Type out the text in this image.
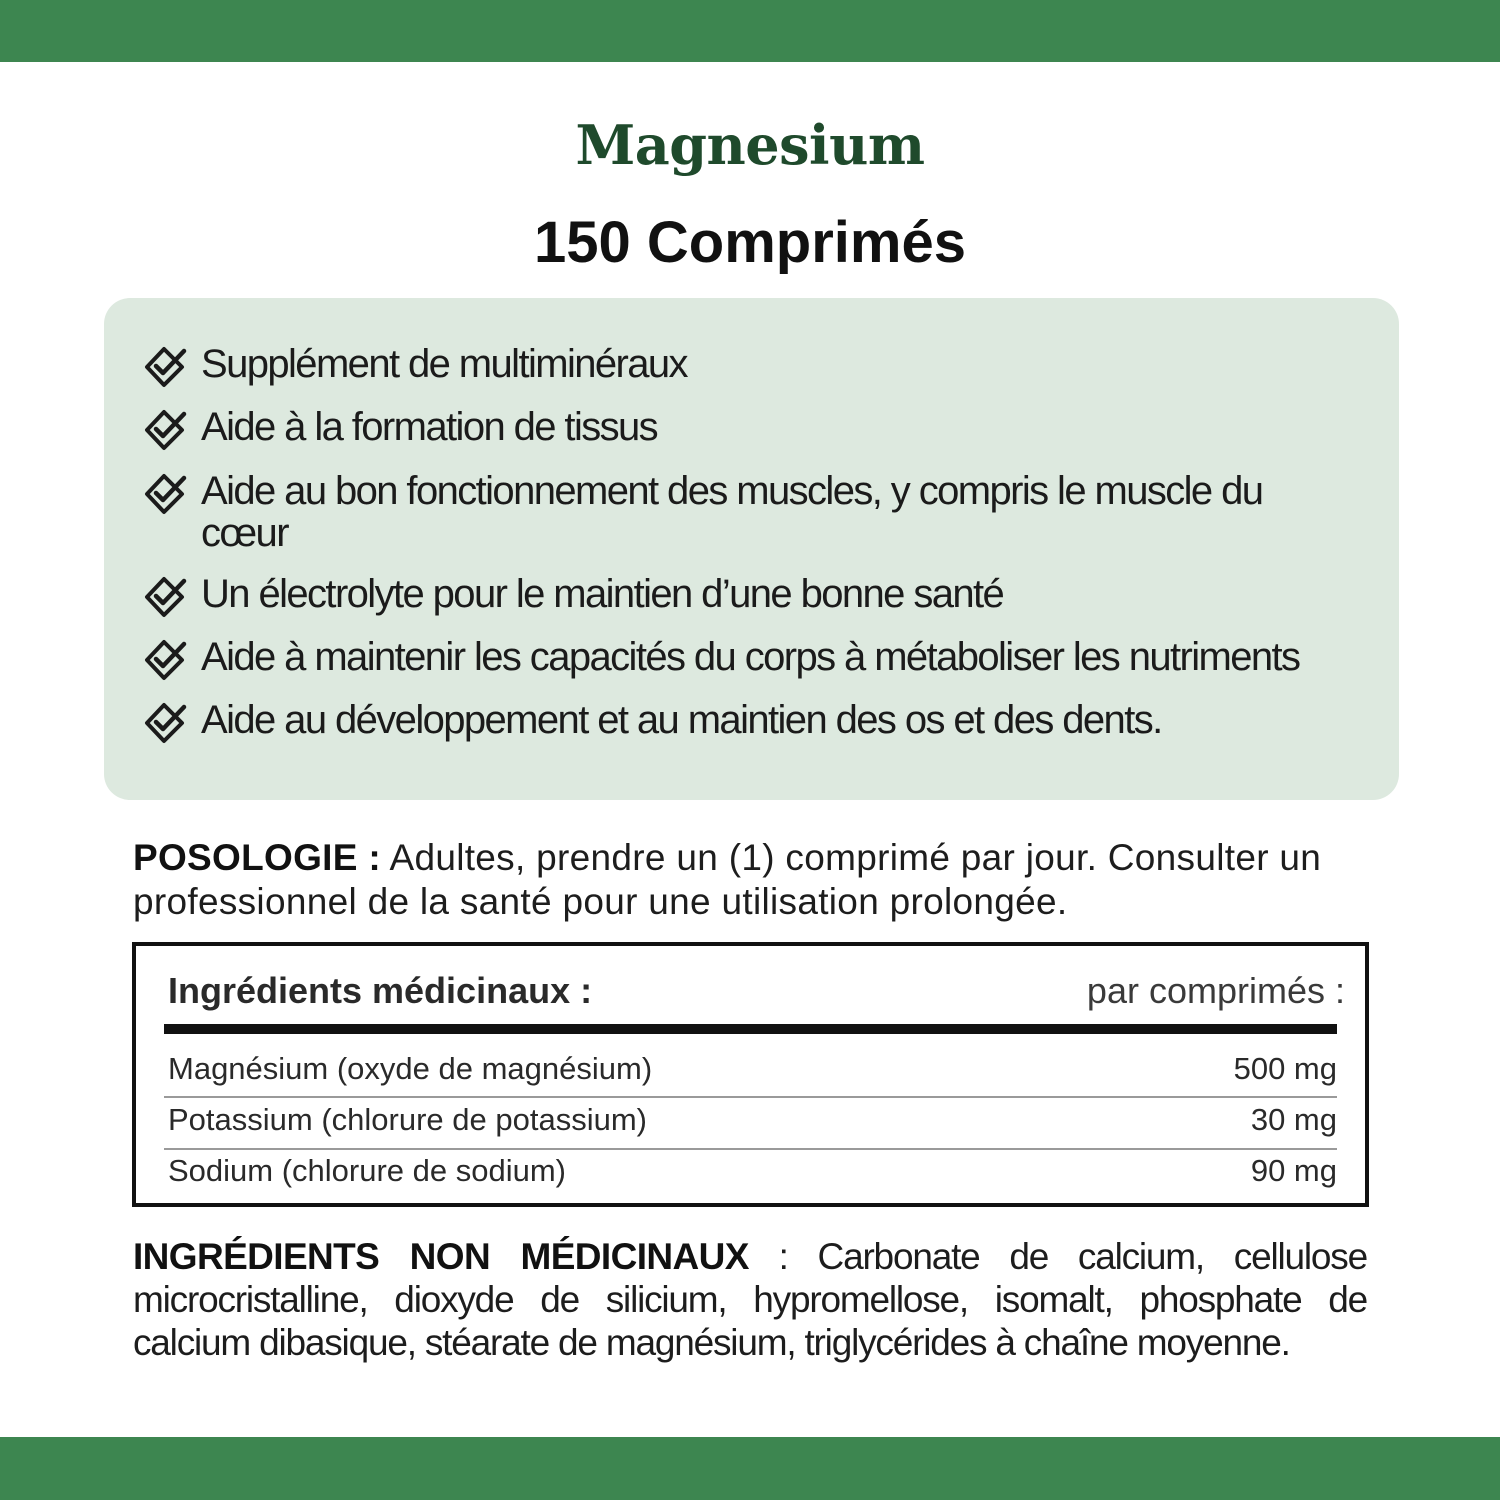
Magnesium
150 Comprimés
Supplément de multiminéraux
Aide à la formation de tissus
Aide au bon fonctionnement des muscles, y compris le muscle du cœur
Un électrolyte pour le maintien d’une bonne santé
Aide à maintenir les capacités du corps à métaboliser les nutriments
Aide au développement et au maintien des os et des dents.
POSOLOGIE : Adultes, prendre un (1) comprimé par jour. Consulter un professionnel de la santé pour une utilisation prolongée.
Ingrédients médicinaux :	par comprimés :
Magnésium (oxyde de magnésium)	500 mg
Potassium (chlorure de potassium)	30 mg
Sodium (chlorure de sodium)	90 mg
INGRÉDIENTS NON MÉDICINAUX : Carbonate de calcium, cellulose microcristalline, dioxyde de silicium, hypromellose, isomalt, phosphate de calcium dibasique, stéarate de magnésium, triglycérides à chaîne moyenne.
